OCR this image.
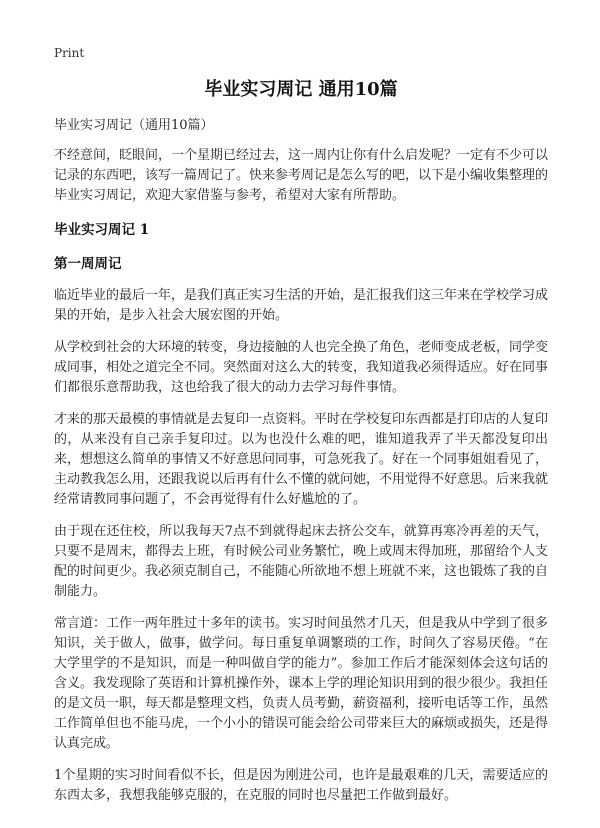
Print
毕业实习周记 通用10篇
毕业实习周记（通用10篇）

不经意间，眨眼间，一个星期已经过去，这一周内让你有什么启发呢？一定有不少可以记录的东西吧，该写一篇周记了。快来参考周记是怎么写的吧，以下是小编收集整理的毕业实习周记，欢迎大家借鉴与参考，希望对大家有所帮助。

毕业实习周记 1
第一周周记

临近毕业的最后一年，是我们真正实习生活的开始，是汇报我们这三年来在学校学习成果的开始，是步入社会大展宏图的开始。

从学校到社会的大环境的转变，身边接触的人也完全换了角色，老师变成老板，同学变成同事，相处之道完全不同。突然面对这么大的转变，我知道我必须得适应。好在同事们都很乐意帮助我，这也给我了很大的动力去学习每件事情。

才来的那天最模的事情就是去复印一点资料。平时在学校复印东西都是打印店的人复印的，从来没有自己亲手复印过。以为也没什么难的吧，谁知道我弄了半天都没复印出来，想想这么简单的事情又不好意思问同事，可急死我了。好在一个同事姐姐看见了，主动教我怎么用，还跟我说以后再有什么不懂的就问她，不用觉得不好意思。后来我就经常请教同事问题了，不会再觉得有什么好尴尬的了。

由于现在还住校，所以我每天7点不到就得起床去挤公交车，就算再寒冷再差的天气，只要不是周末，都得去上班，有时候公司业务繁忙，晚上或周末得加班，那留给个人支配的时间更少。我必须克制自己，不能随心所欲地不想上班就不来，这也锻炼了我的自制能力。

常言道：工作一两年胜过十多年的读书。实习时间虽然才几天，但是我从中学到了很多知识，关于做人，做事，做学问。每日重复单调繁琐的工作，时间久了容易厌倦。“在大学里学的不是知识，而是一种叫做自学的能力”。参加工作后才能深刻体会这句话的含义。我发现除了英语和计算机操作外，课本上学的理论知识用到的很少很少。我担任的是文员一职，每天都是整理文档，负责人员考勤，薪资福利，接听电话等工作，虽然工作简单但也不能马虎，一个小小的错误可能会给公司带来巨大的麻烦或损失，还是得认真完成。

1个星期的实习时间看似不长，但是因为刚进公司，也许是最艰难的几天，需要适应的东西太多，我想我能够克服的，在克服的同时也尽量把工作做到最好。
